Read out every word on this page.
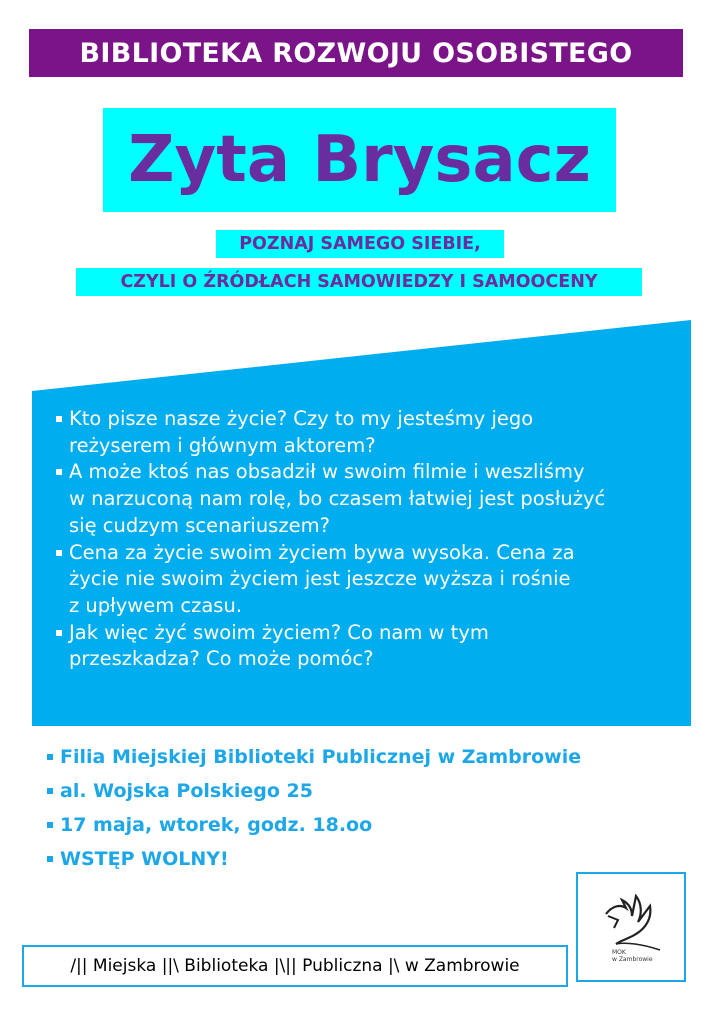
BIBLIOTEKA ROZWOJU OSOBISTEGO
Zyta Brysacz
POZNAJ SAMEGO SIEBIE,
CZYLI O ŹRÓDŁACH SAMOWIEDZY I SAMOOCENY
Kto pisze nasze życie? Czy to my jesteśmy jego
reżyserem i głównym aktorem?
A może ktoś nas obsadził w swoim filmie i weszliśmy
w narzuconą nam rolę, bo czasem łatwiej jest posłużyć
się cudzym scenariuszem?
Cena za życie swoim życiem bywa wysoka. Cena za
życie nie swoim życiem jest jeszcze wyższa i rośnie
z upływem czasu.
Jak więc żyć swoim życiem? Co nam w tym
przeszkadza? Co może pomóc?
Filia Miejskiej Biblioteki Publicznej w Zambrowie
al. Wojska Polskiego 25
17 maja, wtorek, godz. 18.oo
WSTĘP WOLNY!
MOK
w Zambrowie
/|| Miejska ||\ Biblioteka |\|| Publiczna |\ w Zambrowie
